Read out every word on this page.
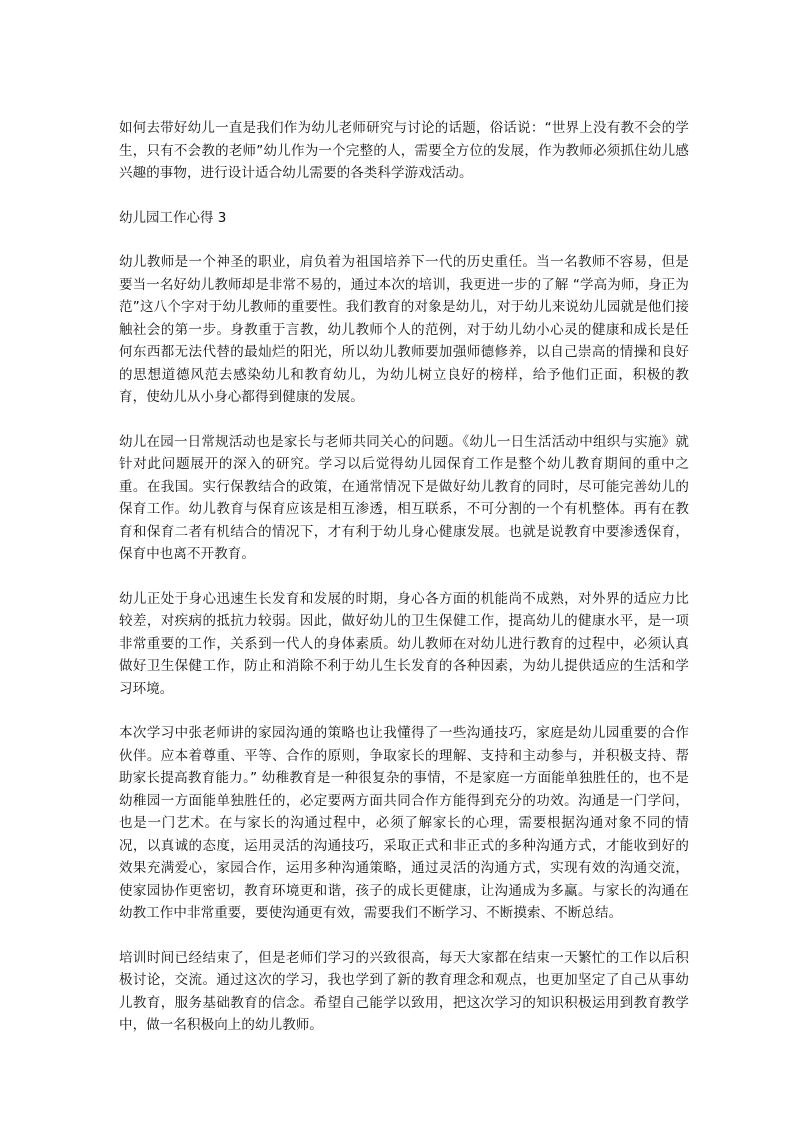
如何去带好幼儿一直是我们作为幼儿老师研究与讨论的话题，俗话说：“世界上没有教不会的学生，只有不会教的老师”幼儿作为一个完整的人，需要全方位的发展，作为教师必须抓住幼儿感兴趣的事物，进行设计适合幼儿需要的各类科学游戏活动。

幼儿园工作心得 3

幼儿教师是一个神圣的职业，肩负着为祖国培养下一代的历史重任。当一名教师不容易，但是要当一名好幼儿教师却是非常不易的，通过本次的培训，我更进一步的了解 “学高为师，身正为范”这八个字对于幼儿教师的重要性。我们教育的对象是幼儿，对于幼儿来说幼儿园就是他们接触社会的第一步。身教重于言教，幼儿教师个人的范例，对于幼儿幼小心灵的健康和成长是任何东西都无法代替的最灿烂的阳光，所以幼儿教师要加强师德修养，以自己崇高的情操和良好的思想道德风范去感染幼儿和教育幼儿，为幼儿树立良好的榜样，给予他们正面，积极的教育，使幼儿从小身心都得到健康的发展。

幼儿在园一日常规活动也是家长与老师共同关心的问题。《幼儿一日生活活动中组织与实施》就针对此问题展开的深入的研究。学习以后觉得幼儿园保育工作是整个幼儿教育期间的重中之重。在我国。实行保教结合的政策，在通常情况下是做好幼儿教育的同时，尽可能完善幼儿的保育工作。幼儿教育与保育应该是相互渗透，相互联系，不可分割的一个有机整体。再有在教育和保育二者有机结合的情况下，才有利于幼儿身心健康发展。也就是说教育中要渗透保育，保育中也离不开教育。

幼儿正处于身心迅速生长发育和发展的时期，身心各方面的机能尚不成熟，对外界的适应力比较差，对疾病的抵抗力较弱。因此，做好幼儿的卫生保健工作，提高幼儿的健康水平，是一项非常重要的工作，关系到一代人的身体素质。幼儿教师在对幼儿进行教育的过程中，必须认真做好卫生保健工作，防止和消除不利于幼儿生长发育的各种因素，为幼儿提供适应的生活和学习环境。

本次学习中张老师讲的家园沟通的策略也让我懂得了一些沟通技巧，家庭是幼儿园重要的合作伙伴。应本着尊重、平等、合作的原则，争取家长的理解、支持和主动参与，并积极支持、帮助家长提高教育能力。” 幼稚教育是一种很复杂的事情，不是家庭一方面能单独胜任的，也不是幼稚园一方面能单独胜任的，必定要两方面共同合作方能得到充分的功效。沟通是一门学问，也是一门艺术。在与家长的沟通过程中，必须了解家长的心理，需要根据沟通对象不同的情况，以真诚的态度，运用灵活的沟通技巧，采取正式和非正式的多种沟通方式，才能收到好的效果充满爱心，家园合作，运用多种沟通策略，通过灵活的沟通方式，实现有效的沟通交流，使家园协作更密切，教育环境更和谐，孩子的成长更健康，让沟通成为多赢。与家长的沟通在幼教工作中非常重要，要使沟通更有效，需要我们不断学习、不断摸索、不断总结。

培训时间已经结束了，但是老师们学习的兴致很高，每天大家都在结束一天繁忙的工作以后积极讨论，交流。通过这次的学习，我也学到了新的教育理念和观点，也更加坚定了自己从事幼儿教育，服务基础教育的信念。希望自己能学以致用，把这次学习的知识积极运用到教育教学中，做一名积极向上的幼儿教师。
